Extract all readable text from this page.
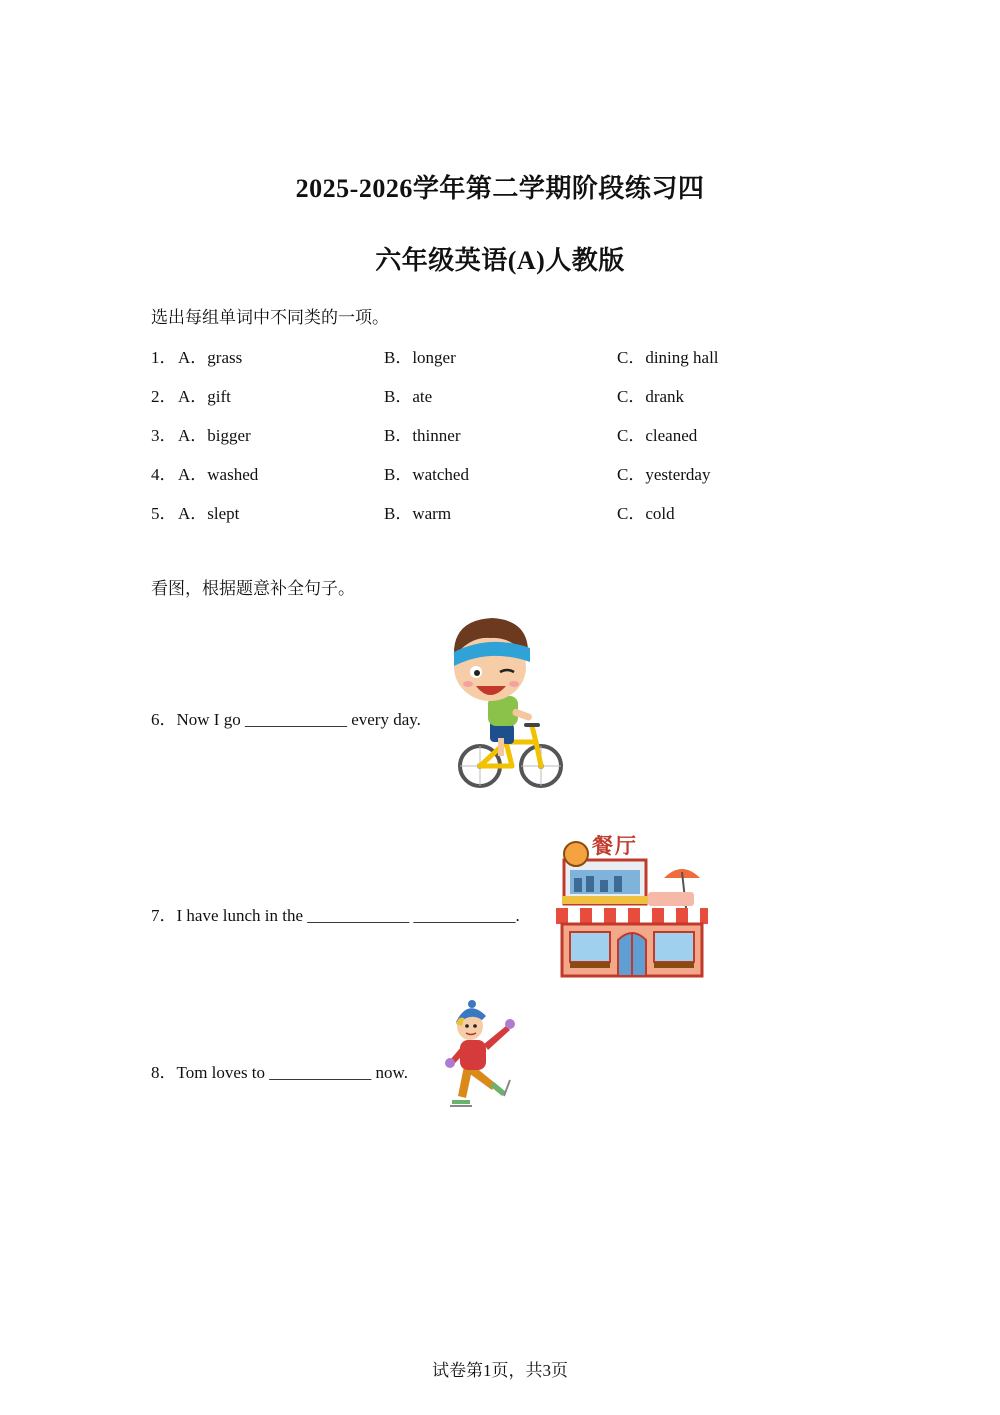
2025-2026学年第二学期阶段练习四
六年级英语(A)人教版
选出每组单词中不同类的一项。
1． A．grass	B．longer	C．dining hall
2． A．gift	B．ate	C．drank
3． A．bigger	B．thinner	C．cleaned
4． A．washed	B．watched	C．yesterday
5． A．slept	B．warm	C．cold
看图，根据题意补全句子。
6．Now I go ____________ every day.
7．I have lunch in the ____________ ____________.
餐厅
8．Tom loves to ____________ now.
试卷第1页，共3页
